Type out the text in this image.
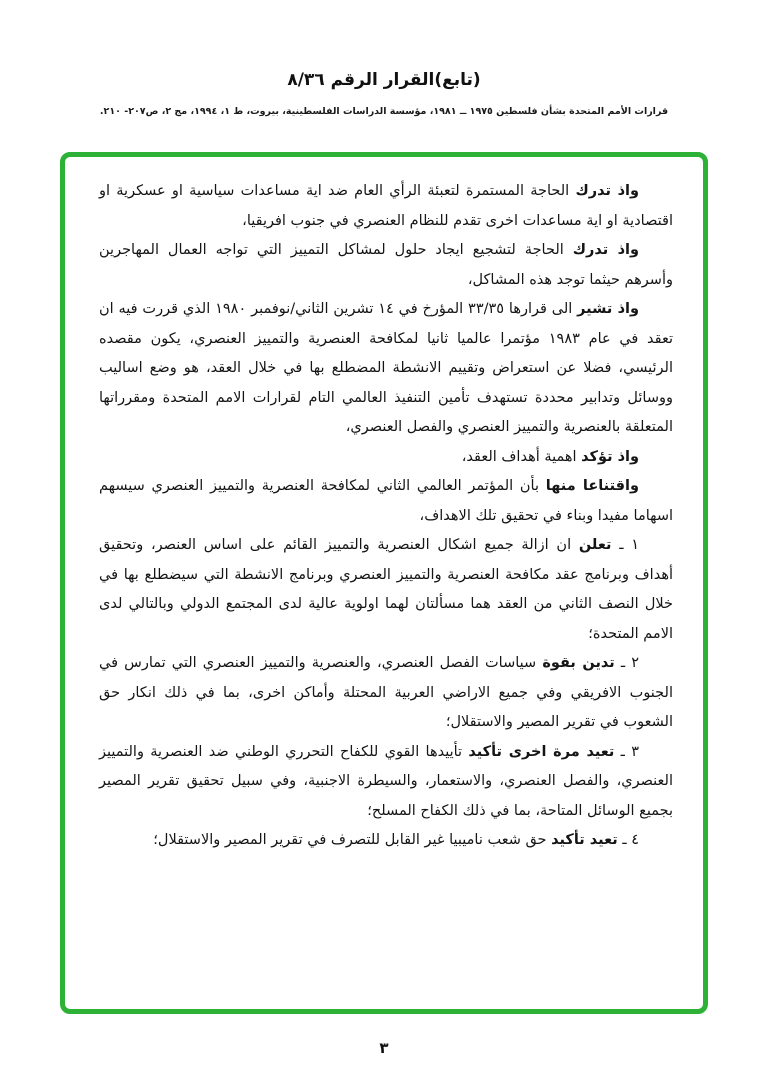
(تابع)القرار الرقم ٨/٣٦

قرارات الأمم المتحدة بشأن فلسطين ١٩٧٥ ــ ١٩٨١، مؤسسة الدراسات الفلسطينية، بيروت، ط ١، ١٩٩٤، مج ٢، ص٢٠٧- ٢١٠.

واذ تدرك الحاجة المستمرة لتعبئة الرأي العام ضد اية مساعدات سياسية او عسكرية او اقتصادية او اية مساعدات اخرى تقدم للنظام العنصري في جنوب افريقيا،

واذ تدرك الحاجة لتشجيع ايجاد حلول لمشاكل التمييز التي تواجه العمال المهاجرين وأسرهم حيثما توجد هذه المشاكل،

واذ تشير الى قرارها ٣٣/٣٥ المؤرخ في ١٤ تشرين الثاني/نوفمبر ١٩٨٠ الذي قررت فيه ان تعقد في عام ١٩٨٣ مؤتمرا عالميا ثانيا لمكافحة العنصرية والتمييز العنصري، يكون مقصده الرئيسي، فضلا عن استعراض وتقييم الانشطة المضطلع بها في خلال العقد، هو وضع اساليب ووسائل وتدابير محددة تستهدف تأمين التنفيذ العالمي التام لقرارات الامم المتحدة ومقرراتها المتعلقة بالعنصرية والتمييز العنصري والفصل العنصري،

واذ تؤكد اهمية أهداف العقد،

واقتناعا منها بأن المؤتمر العالمي الثاني لمكافحة العنصرية والتمييز العنصري سيسهم اسهاما مفيدا وبناء في تحقيق تلك الاهداف،

١ ـ تعلن ان ازالة جميع اشكال العنصرية والتمييز القائم على اساس العنصر، وتحقيق أهداف وبرنامج عقد مكافحة العنصرية والتمييز العنصري وبرنامج الانشطة التي سيضطلع بها في خلال النصف الثاني من العقد هما مسألتان لهما اولوية عالية لدى المجتمع الدولي وبالتالي لدى الامم المتحدة؛

٢ ـ تدين بقوة سياسات الفصل العنصري، والعنصرية والتمييز العنصري التي تمارس في الجنوب الافريقي وفي جميع الاراضي العربية المحتلة وأماكن اخرى، بما في ذلك انكار حق الشعوب في تقرير المصير والاستقلال؛

٣ ـ تعيد مرة اخرى تأكيد تأييدها القوي للكفاح التحرري الوطني ضد العنصرية والتمييز العنصري، والفصل العنصري، والاستعمار، والسيطرة الاجنبية، وفي سبيل تحقيق تقرير المصير بجميع الوسائل المتاحة، بما في ذلك الكفاح المسلح؛

٤ ـ تعيد تأكيد حق شعب ناميبيا غير القابل للتصرف في تقرير المصير والاستقلال؛

٣
